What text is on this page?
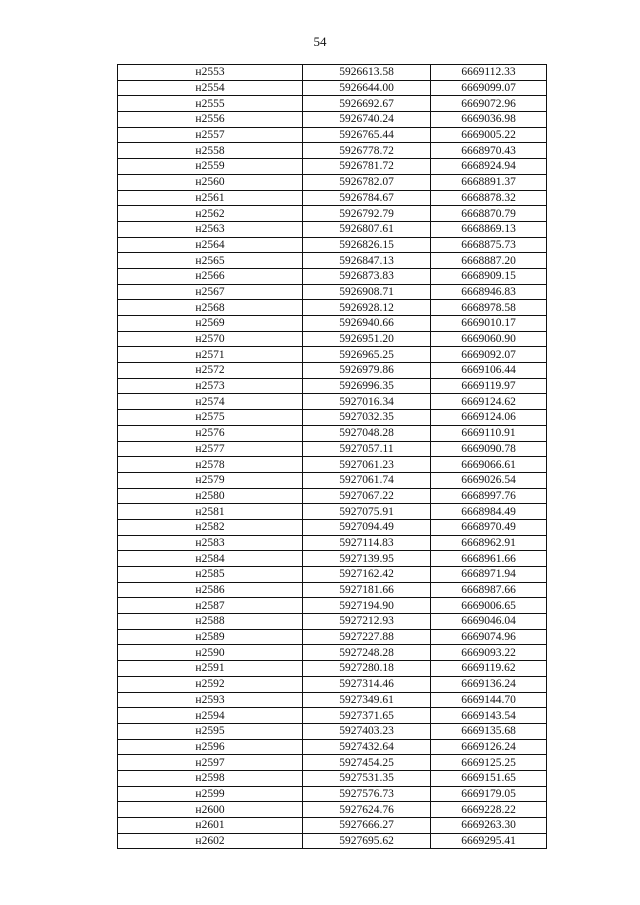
54
н2553	5926613.58	6669112.33
н2554	5926644.00	6669099.07
н2555	5926692.67	6669072.96
н2556	5926740.24	6669036.98
н2557	5926765.44	6669005.22
н2558	5926778.72	6668970.43
н2559	5926781.72	6668924.94
н2560	5926782.07	6668891.37
н2561	5926784.67	6668878.32
н2562	5926792.79	6668870.79
н2563	5926807.61	6668869.13
н2564	5926826.15	6668875.73
н2565	5926847.13	6668887.20
н2566	5926873.83	6668909.15
н2567	5926908.71	6668946.83
н2568	5926928.12	6668978.58
н2569	5926940.66	6669010.17
н2570	5926951.20	6669060.90
н2571	5926965.25	6669092.07
н2572	5926979.86	6669106.44
н2573	5926996.35	6669119.97
н2574	5927016.34	6669124.62
н2575	5927032.35	6669124.06
н2576	5927048.28	6669110.91
н2577	5927057.11	6669090.78
н2578	5927061.23	6669066.61
н2579	5927061.74	6669026.54
н2580	5927067.22	6668997.76
н2581	5927075.91	6668984.49
н2582	5927094.49	6668970.49
н2583	5927114.83	6668962.91
н2584	5927139.95	6668961.66
н2585	5927162.42	6668971.94
н2586	5927181.66	6668987.66
н2587	5927194.90	6669006.65
н2588	5927212.93	6669046.04
н2589	5927227.88	6669074.96
н2590	5927248.28	6669093.22
н2591	5927280.18	6669119.62
н2592	5927314.46	6669136.24
н2593	5927349.61	6669144.70
н2594	5927371.65	6669143.54
н2595	5927403.23	6669135.68
н2596	5927432.64	6669126.24
н2597	5927454.25	6669125.25
н2598	5927531.35	6669151.65
н2599	5927576.73	6669179.05
н2600	5927624.76	6669228.22
н2601	5927666.27	6669263.30
н2602	5927695.62	6669295.41
